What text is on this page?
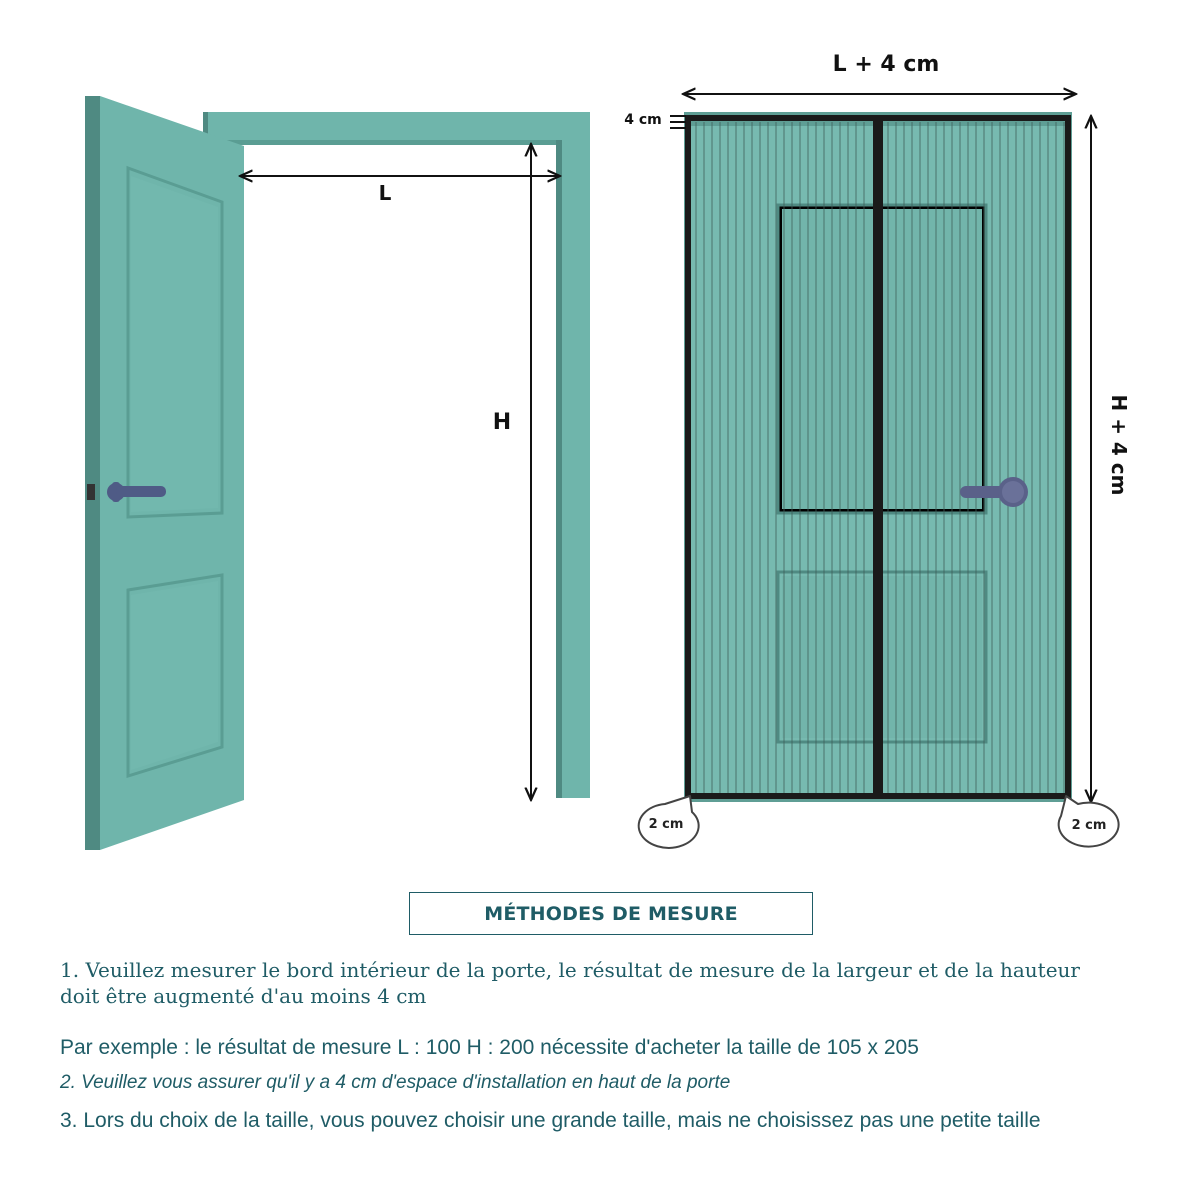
L
H
L + 4 cm
4 cm
H + 4 cm
2 cm	2 cm
MÉTHODES DE MESURE
1. Veuillez mesurer le bord intérieur de la porte, le résultat de mesure de la largeur et de la hauteur doit être augmenté d'au moins 4 cm
Par exemple : le résultat de mesure L : 100 H : 200 nécessite d'acheter la taille de 105 x 205
2. Veuillez vous assurer qu'il y a 4 cm d'espace d'installation en haut de la porte
3. Lors du choix de la taille, vous pouvez choisir une grande taille, mais ne choisissez pas une petite taille
